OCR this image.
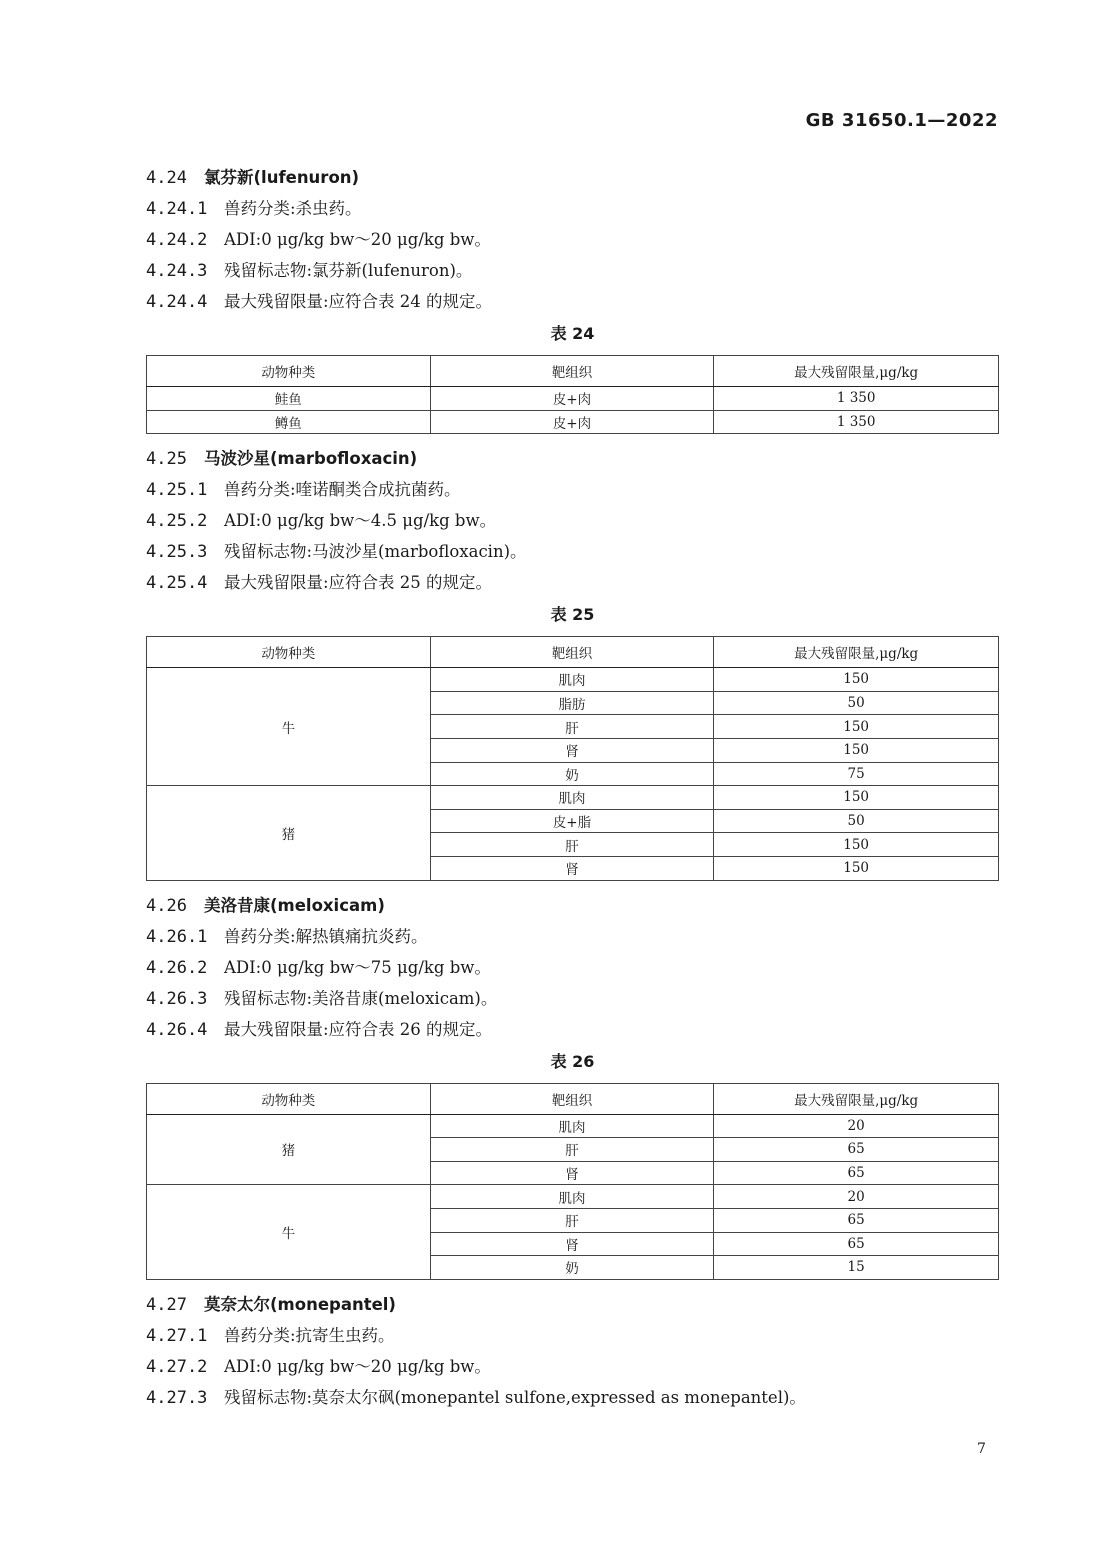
GB 31650.1—2022
4.24 氯芬新(lufenuron)
4.24.1 兽药分类:杀虫药。
4.24.2 ADI:0 μg/kg bw～20 μg/kg bw。
4.24.3 残留标志物:氯芬新(lufenuron)。
4.24.4 最大残留限量:应符合表 24 的规定。
表 24
动物种类	靶组织	最大残留限量,μg/kg
鲑鱼	皮+肉	1 350
鳟鱼	皮+肉	1 350
4.25 马波沙星(marbofloxacin)
4.25.1 兽药分类:喹诺酮类合成抗菌药。
4.25.2 ADI:0 μg/kg bw～4.5 μg/kg bw。
4.25.3 残留标志物:马波沙星(marbofloxacin)。
4.25.4 最大残留限量:应符合表 25 的规定。
表 25
动物种类	靶组织	最大残留限量,μg/kg
牛	肌肉	150
	脂肪	50
	肝	150
	肾	150
	奶	75
猪	肌肉	150
	皮+脂	50
	肝	150
	肾	150
4.26 美洛昔康(meloxicam)
4.26.1 兽药分类:解热镇痛抗炎药。
4.26.2 ADI:0 μg/kg bw～75 μg/kg bw。
4.26.3 残留标志物:美洛昔康(meloxicam)。
4.26.4 最大残留限量:应符合表 26 的规定。
表 26
动物种类	靶组织	最大残留限量,μg/kg
猪	肌肉	20
	肝	65
	肾	65
牛	肌肉	20
	肝	65
	肾	65
	奶	15
4.27 莫奈太尔(monepantel)
4.27.1 兽药分类:抗寄生虫药。
4.27.2 ADI:0 μg/kg bw～20 μg/kg bw。
4.27.3 残留标志物:莫奈太尔砜(monepantel sulfone,expressed as monepantel)。
7
